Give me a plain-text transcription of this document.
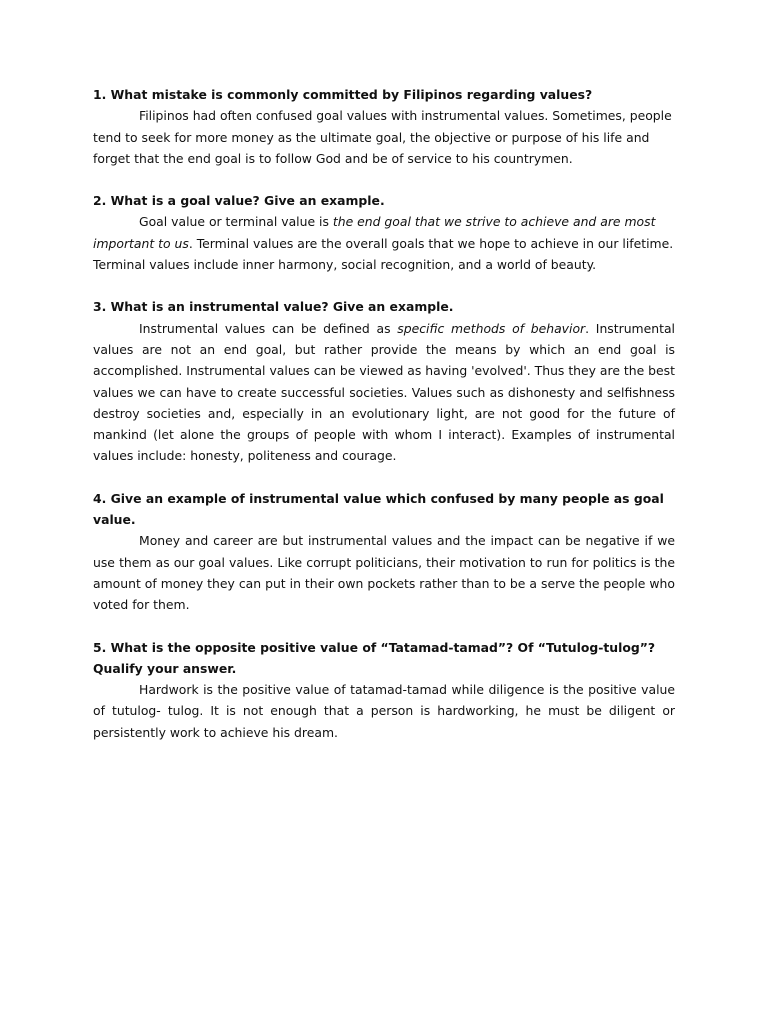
1. What mistake is commonly committed by Filipinos regarding values?

Filipinos had often confused goal values with instrumental values. Sometimes, people tend to seek for more money as the ultimate goal, the objective or purpose of his life and forget that the end goal is to follow God and be of service to his countrymen.

2. What is a goal value? Give an example.

Goal value or terminal value is the end goal that we strive to achieve and are most important to us. Terminal values are the overall goals that we hope to achieve in our lifetime. Terminal values include inner harmony, social recognition, and a world of beauty.

3. What is an instrumental value? Give an example.

Instrumental values can be defined as specific methods of behavior. Instrumental values are not an end goal, but rather provide the means by which an end goal is accomplished. Instrumental values can be viewed as having 'evolved'. Thus they are the best values we can have to create successful societies. Values such as dishonesty and selfishness destroy societies and, especially in an evolutionary light, are not good for the future of mankind (let alone the groups of people with whom I interact). Examples of instrumental values include: honesty, politeness and courage.

4. Give an example of instrumental value which confused by many people as goal value.

Money and career are but instrumental values and the impact can be negative if we use them as our goal values. Like corrupt politicians, their motivation to run for politics is the amount of money they can put in their own pockets rather than to be a serve the people who voted for them.

5. What is the opposite positive value of “Tatamad-tamad”? Of “Tutulog-tulog”? Qualify your answer.

Hardwork is the positive value of tatamad-tamad while diligence is the positive value of tutulog- tulog. It is not enough that a person is hardworking, he must be diligent or persistently work to achieve his dream.
